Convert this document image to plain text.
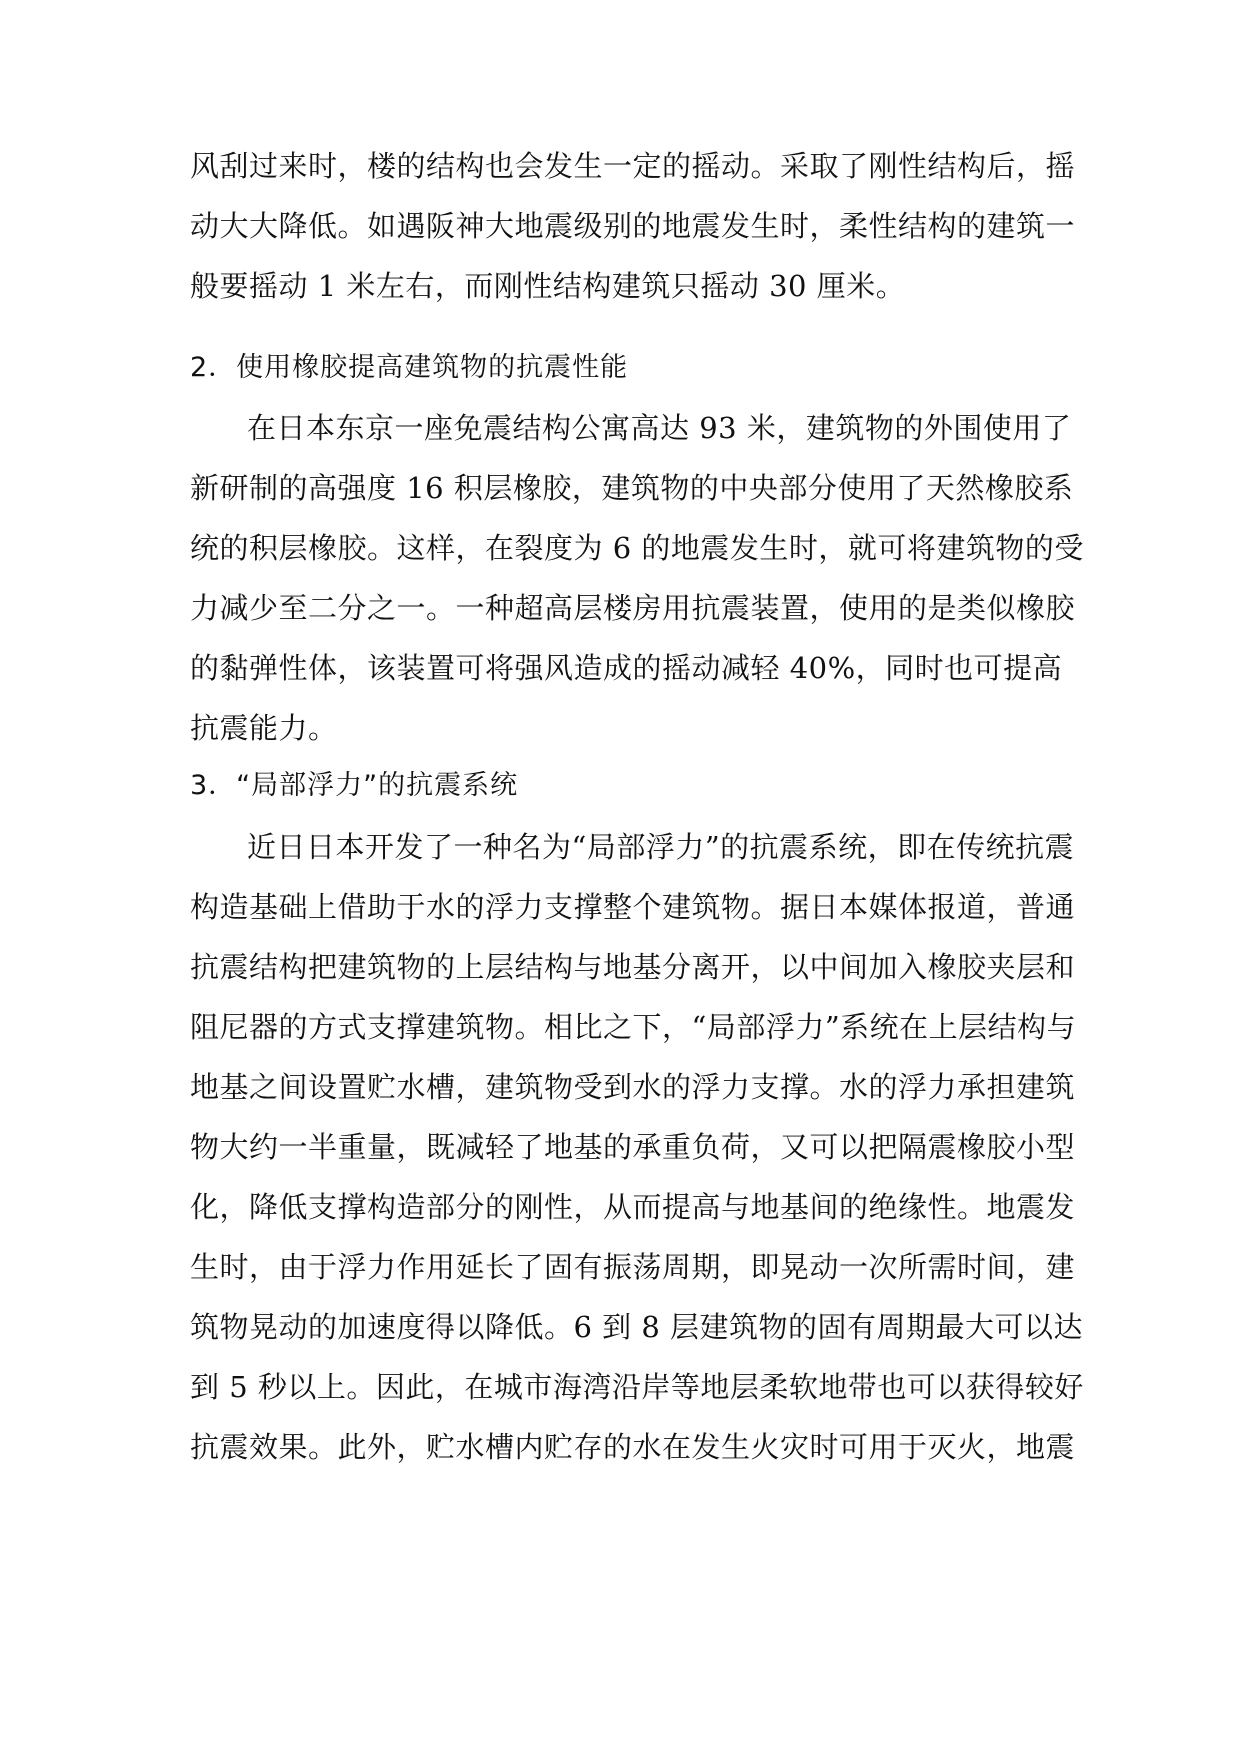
风刮过来时，楼的结构也会发生一定的摇动。采取了刚性结构后，摇
动大大降低。如遇阪神大地震级别的地震发生时，柔性结构的建筑一
般要摇动 1 米左右，而刚性结构建筑只摇动 30 厘米。
2．使用橡胶提高建筑物的抗震性能
在日本东京一座免震结构公寓高达 93 米，建筑物的外围使用了
新研制的高强度 16 积层橡胶，建筑物的中央部分使用了天然橡胶系
统的积层橡胶。这样，在裂度为 6 的地震发生时，就可将建筑物的受
力减少至二分之一。一种超高层楼房用抗震装置，使用的是类似橡胶
的黏弹性体，该装置可将强风造成的摇动减轻 40%，同时也可提高
抗震能力。
3．“局部浮力”的抗震系统
近日日本开发了一种名为“局部浮力”的抗震系统，即在传统抗震
构造基础上借助于水的浮力支撑整个建筑物。据日本媒体报道，普通
抗震结构把建筑物的上层结构与地基分离开，以中间加入橡胶夹层和
阻尼器的方式支撑建筑物。相比之下，“局部浮力”系统在上层结构与
地基之间设置贮水槽，建筑物受到水的浮力支撑。水的浮力承担建筑
物大约一半重量，既减轻了地基的承重负荷，又可以把隔震橡胶小型
化，降低支撑构造部分的刚性，从而提高与地基间的绝缘性。地震发
生时，由于浮力作用延长了固有振荡周期，即晃动一次所需时间，建
筑物晃动的加速度得以降低。6 到 8 层建筑物的固有周期最大可以达
到 5 秒以上。因此，在城市海湾沿岸等地层柔软地带也可以获得较好
抗震效果。此外，贮水槽内贮存的水在发生火灾时可用于灭火，地震
